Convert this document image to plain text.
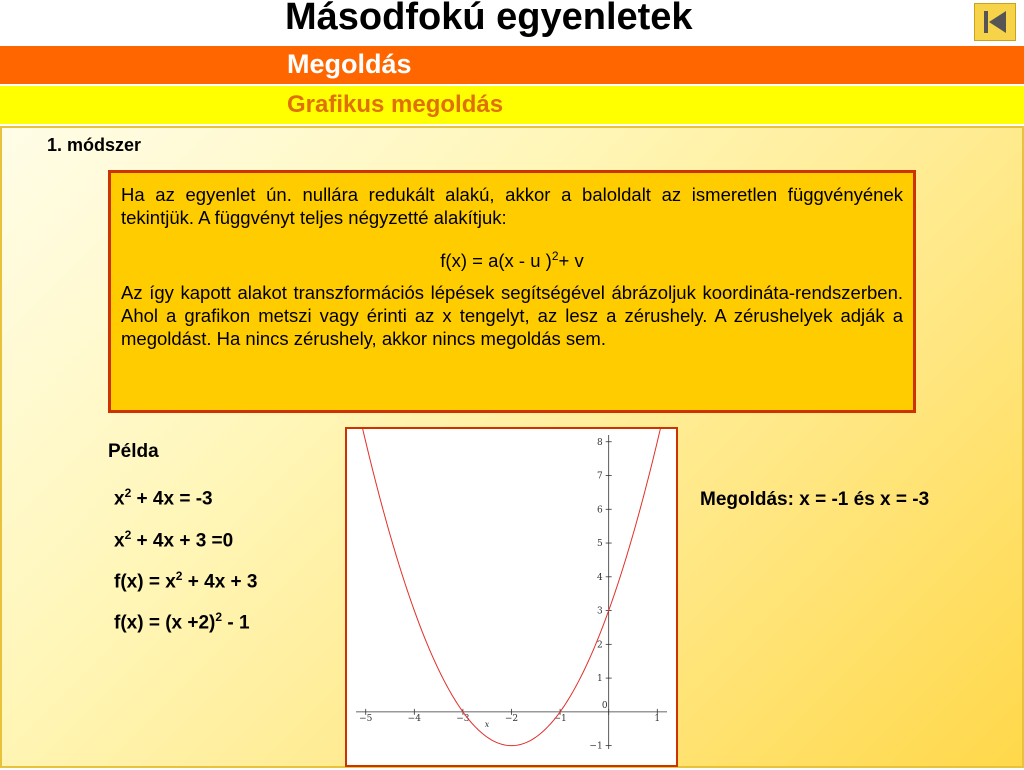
Másodfokú egyenletek
Megoldás
Grafikus megoldás
1. módszer

Ha az egyenlet ún. nullára redukált alakú, akkor a baloldalt az ismeretlen függvényének tekintjük. A függvényt teljes négyzetté alakítjuk:

f(x) = a(x - u )$^2$+ v

Az így kapott alakot transzformációs lépések segítségével ábrázoljuk koordináta-rendszerben. Ahol a grafikon metszi vagy érinti az x tengelyt, az lesz a zérushely. A zérushelyek adják a megoldást. Ha nincs zérushely, akkor nincs megoldás sem.

Példa
$x^2 + 4x = -3$
$x^2 + 4x + 3 =0$
$f(x) = x^2 + 4x + 3$
$f(x) = (x +2)^2 - 1$
−5	−4	−3	−2	−1
0
1
−1
1
2
3
4
5
6
7
8
x
Megoldás: x = -1 és x = -3
